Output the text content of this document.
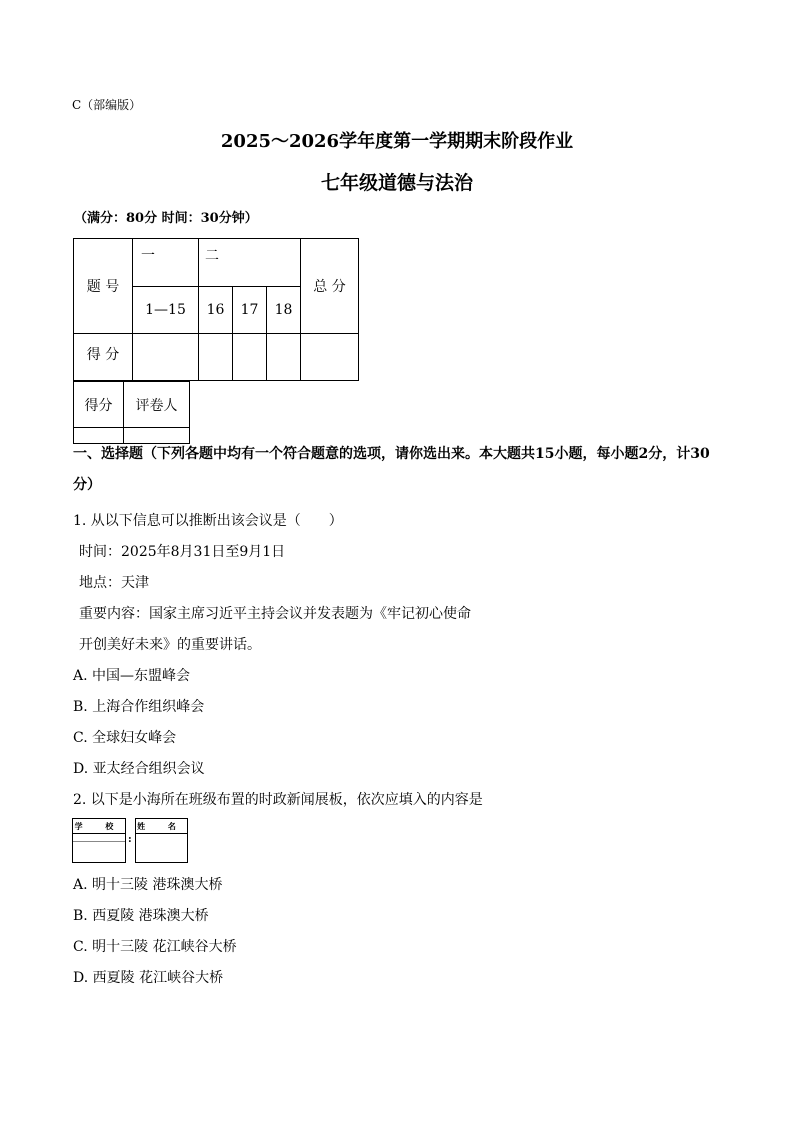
C（部编版）
2025～2026学年度第一学期期末阶段作业
七年级道德与法治
（满分：80分 时间：30分钟）
题 号	一	二			总 分
	1—15	16	17	18	
得 分					
得分	评卷人

一、选择题（下列各题中均有一个符合题意的选项，请你选出来。本大题共15小题，每小题2分，计30分）
1. 从以下信息可以推断出该会议是（　　）
时间：2025年8月31日至9月1日
地点：天津
重要内容：国家主席习近平主持会议并发表题为《牢记初心使命
开创美好未来》的重要讲话。
A. 中国—东盟峰会
B. 上海合作组织峰会
C. 全球妇女峰会
D. 亚太经合组织会议
2. 以下是小海所在班级布置的时政新闻展板，依次应填入的内容是
学 校
:
姓 名
A. 明十三陵 港珠澳大桥
B. 西夏陵 港珠澳大桥
C. 明十三陵 花江峡谷大桥
D. 西夏陵 花江峡谷大桥
